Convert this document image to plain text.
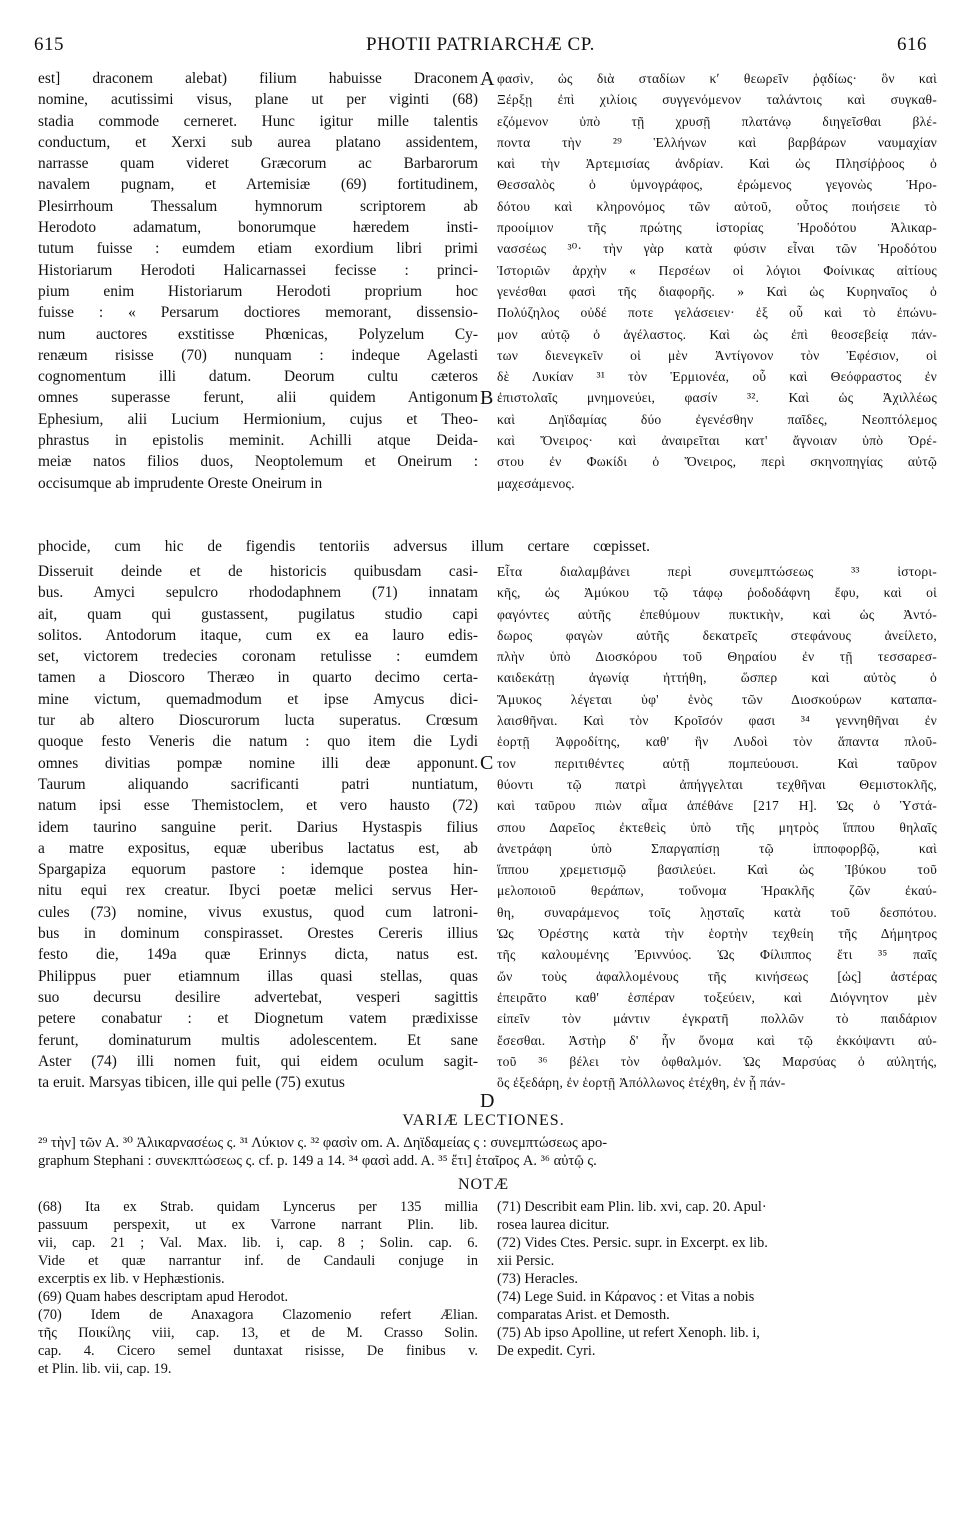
615	PHOTII PATRIARCHÆ CP.	616
est] draconem alebat) filium habuisse Draconem
nomine, acutissimi visus, plane ut per viginti (68)
stadia commode cerneret. Hunc igitur mille talentis
conductum, et Xerxi sub aurea platano assidentem,
narrasse quam videret Græcorum ac Barbarorum
navalem pugnam, et Artemisiæ (69) fortitudinem,
Plesirrhoum Thessalum hymnorum scriptorem ab
Herodoto adamatum, bonorumque hæredem insti-
tutum fuisse : eumdem etiam exordium libri primi
Historiarum Herodoti Halicarnassei fecisse : princi-
pium enim Historiarum Herodoti proprium hoc
fuisse : « Persarum doctiores memorant, dissensio-
num auctores exstitisse Phœnicas, Polyzelum Cy-
renæum risisse (70) nunquam : indeque Agelasti
cognomentum illi datum. Deorum cultu cæteros
omnes superasse ferunt, alii quidem Antigonum
Ephesium, alii Lucium Hermionium, cujus et Theo-
phrastus in epistolis meminit. Achilli atque Deida-
meiæ natos filios duos, Neoptolemum et Oneirum :
occisumque ab imprudente Oreste Oneirum in
φασὶν, ὡς διὰ σταδίων κʹ θεωρεῖν ῥᾳδίως· ὃν καὶ
Ξέρξῃ ἐπὶ χιλίοις συγγενόμενον ταλάντοις καὶ συγκαθ-
εζόμενον ὑπὸ τῇ χρυσῇ πλατάνῳ διηγεῖσθαι βλέ-
ποντα τὴν ²⁹ Ἑλλήνων καὶ βαρβάρων ναυμαχίαν
καὶ τὴν Ἀρτεμισίας ἀνδρίαν. Καὶ ὡς Πλησίῤῥοος ὁ
Θεσσαλὸς ὁ ὑμνογράφος, ἐρώμενος γεγονὼς Ἡρο-
δότου καὶ κληρονόμος τῶν αὐτοῦ, οὗτος ποιήσειε τὸ
προοίμιον τῆς πρώτης ἱστορίας Ἡροδότου Ἀλικαρ-
νασσέως ³⁰· τὴν γὰρ κατὰ φύσιν εἶναι τῶν Ἡροδότου
Ἱστοριῶν ἀρχὴν « Περσέων οἱ λόγιοι Φοίνικας αἰτίους
γενέσθαι φασὶ τῆς διαφορῆς. » Καὶ ὡς Κυρηναῖος ὁ
Πολύζηλος οὐδέ ποτε γελάσειεν· ἐξ οὗ καὶ τὸ ἐπώνυ-
μον αὐτῷ ὁ ἀγέλαστος. Καὶ ὡς ἐπὶ θεοσεβείᾳ πάν-
των διενεγκεῖν οἱ μὲν Ἀντίγονον τὸν Ἐφέσιον, οἱ
δὲ Λυκίαν ³¹ τὸν Ἑρμιονέα, οὗ καὶ Θεόφραστος ἐν
ἐπιστολαῖς μνημονεύει, φασίν ³². Καὶ ὡς Ἀχιλλέως
καὶ Δηϊδαμίας δύο ἐγενέσθην παῖδες, Νεοπτόλεμος
καὶ Ὄνειρος· καὶ ἀναιρεῖται κατ' ἄγνοιαν ὑπὸ Ὀρέ-
στου ἐν Φωκίδι ὁ Ὄνειρος, περὶ σκηνοπηγίας αὐτῷ
μαχεσάμενος.
A
B
phocide, cum hic de figendis tentoriis adversus illum certare cœpisset.
Disseruit deinde et de historicis quibusdam casi-
bus. Amyci sepulcro rhododaphnem (71) innatam
ait, quam qui gustassent, pugilatus studio capi
solitos. Antodorum itaque, cum ex ea lauro edis-
set, victorem tredecies coronam retulisse : eumdem
tamen a Dioscoro Theræo in quarto decimo certa-
mine victum, quemadmodum et ipse Amycus dici-
tur ab altero Dioscurorum lucta superatus. Crœsum
quoque festo Veneris die natum : quo item die Lydi
omnes divitias pompæ nomine illi deæ apponunt.
Taurum aliquando sacrificanti patri nuntiatum,
natum ipsi esse Themistoclem, et vero hausto (72)
idem taurino sanguine perit. Darius Hystaspis filius
a matre expositus, equæ uberibus lactatus est, ab
Spargapiza equorum pastore : idemque postea hin-
nitu equi rex creatur. Ibyci poetæ melici servus Her-
cules (73) nomine, vivus exustus, quod cum latroni-
bus in dominum conspirasset. Orestes Cereris illius
festo die, 149a quæ Erinnys dicta, natus est.
Philippus puer etiamnum illas quasi stellas, quas
suo decursu desilire advertebat, vesperi sagittis
petere conabatur : et Diognetum vatem prædixisse
ferunt, dominaturum multis adolescentem. Et sane
Aster (74) illi nomen fuit, qui eidem oculum sagit-
ta eruit. Marsyas tibicen, ille qui pelle (75) exutus
Εἶτα διαλαμβάνει περὶ συνεμπτώσεως ³³ ἱστορι-
κῆς, ὡς Ἀμύκου τῷ τάφῳ ῥοδοδάφνη ἔφυ, καὶ οἱ
φαγόντες αὐτῆς ἐπεθύμουν πυκτικὴν, καὶ ὡς Ἀντό-
δωρος φαγὼν αὐτῆς δεκατρεῖς στεφάνους ἀνείλετο,
πλὴν ὑπὸ Διοσκόρου τοῦ Θηραίου ἐν τῇ τεσσαρεσ-
καιδεκάτῃ ἀγωνίᾳ ἡττήθη, ὥσπερ καὶ αὐτὸς ὁ
Ἄμυκος λέγεται ὑφ' ἑνὸς τῶν Διοσκούρων καταπα-
λαισθῆναι. Καὶ τὸν Κροῖσόν φασι ³⁴ γεννηθῆναι ἐν
ἑορτῇ Ἀφροδίτης, καθ' ἣν Λυδοὶ τὸν ἅπαντα πλοῦ-
τον περιτιθέντες αὐτῇ πομπεύουσι. Καὶ ταῦρον
θύοντι τῷ πατρὶ ἀπήγγελται τεχθῆναι Θεμιστοκλῆς,
καὶ ταῦρου πιὼν αἷμα ἀπέθάνε [217 H]. Ὡς ὁ Ὑστά-
σπου Δαρεῖος ἐκτεθεὶς ὑπὸ τῆς μητρὸς ἵππου θηλαῖς
ἀνετράφη ὑπὸ Σπαργαπίσῃ τῷ ἱπποφορβῷ, καὶ
ἵππου χρεμετισμῷ βασιλεύει. Καὶ ὡς Ἰβύκου τοῦ
μελοποιοῦ θεράπων, τοὔνομα Ἡρακλῆς ζῶν ἐκαύ-
θη, συναράμενος τοῖς λῃσταῖς κατὰ τοῦ δεσπότου.
Ὡς Ὀρέστης κατὰ τὴν ἑορτὴν τεχθείη τῆς Δήμητρος
τῆς καλουμένης Ἐριννύος. Ὡς Φίλιππος ἔτι ³⁵ παῖς
ὤν τοὺς ἀφαλλομένους τῆς κινήσεως [ὡς] ἀστέρας
ἐπειρᾶτο καθ' ἑσπέραν τοξεύειν, καὶ Διόγνητον μὲν
εἰπεῖν τὸν μάντιν ἐγκρατῆ πολλῶν τὸ παιδάριον
ἔσεσθαι. Ἀστὴρ δ' ἦν ὄνομα καὶ τῷ ἐκκόψαντι αὐ-
τοῦ ³⁶ βέλει τὸν ὀφθαλμόν. Ὡς Μαρσύας ὁ αὐλητής,
ὃς ἐξεδάρη, ἐν ἑορτῇ Ἀπόλλωνος ἐτέχθη, ἐν ᾗ πάν-
C
D
VARIÆ LECTIONES.
²⁹ τὴν] τῶν A. ³⁰ Ἀλικαρνασέως ς. ³¹ Λύκιον ς. ³² φασὶν om. A. Δηϊδαμείας ς : συνεμπτώσεως apo-
graphum Stephani : συνεκπτώσεως ς. cf. p. 149 a 14. ³⁴ φασὶ add. A. ³⁵ ἔτι] ἑταῖρος A. ³⁶ αὐτῷ ς.
NOTÆ
(68) Ita ex Strab. quidam Lyncerus per 135 millia
passuum perspexit, ut ex Varrone narrant Plin. lib.
vii, cap. 21 ; Val. Max. lib. i, cap. 8 ; Solin. cap. 6.
Vide et quæ narrantur inf. de Candauli conjuge in
excerptis ex lib. v Hephæstionis.
(69) Quam habes descriptam apud Herodot.
(70) Idem de Anaxagora Clazomenio refert Ælian.
τῆς Ποικίλης viii, cap. 13, et de M. Crasso Solin.
cap. 4. Cicero semel duntaxat risisse, De finibus v.
et Plin. lib. vii, cap. 19.
(71) Describit eam Plin. lib. xvi, cap. 20. Apul·
rosea laurea dicitur.
(72) Vides Ctes. Persic. supr. in Excerpt. ex lib.
xii Persic.
(73) Heracles.
(74) Lege Suid. in Κάρανος : et Vitas a nobis
comparatas Arist. et Demosth.
(75) Ab ipso Apolline, ut refert Xenoph. lib. i,
De expedit. Cyri.
